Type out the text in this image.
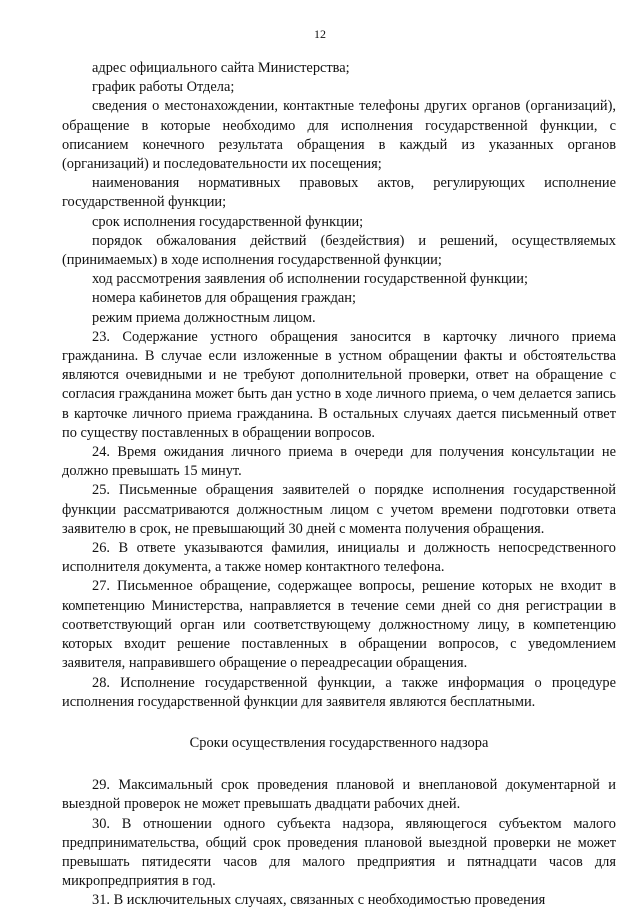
12

адрес официального сайта Министерства;

график работы Отдела;

сведения о местонахождении, контактные телефоны других органов (организаций), обращение в которые необходимо для исполнения государственной функции, с описанием конечного результата обращения в каждый из указанных органов (организаций) и последовательности их посещения;

наименования нормативных правовых актов, регулирующих исполнение государственной функции;

срок исполнения государственной функции;

порядок обжалования действий (бездействия) и решений, осуществляемых (принимаемых) в ходе исполнения государственной функции;

ход рассмотрения заявления об исполнении государственной функции;

номера кабинетов для обращения граждан;

режим приема должностным лицом.

23. Содержание устного обращения заносится в карточку личного приема гражданина. В случае если изложенные в устном обращении факты и обстоятельства являются очевидными и не требуют дополнительной проверки, ответ на обращение с согласия гражданина может быть дан устно в ходе личного приема, о чем делается запись в карточке личного приема гражданина. В остальных случаях дается письменный ответ по существу поставленных в обращении вопросов.

24. Время ожидания личного приема в очереди для получения консультации не должно превышать 15 минут.

25. Письменные обращения заявителей о порядке исполнения государственной функции рассматриваются должностным лицом с учетом времени подготовки ответа заявителю в срок, не превышающий 30 дней с момента получения обращения.

26. В ответе указываются фамилия, инициалы и должность непосредственного исполнителя документа, а также номер контактного телефона.

27. Письменное обращение, содержащее вопросы, решение которых не входит в компетенцию Министерства, направляется в течение семи дней со дня регистрации в соответствующий орган или соответствующему должностному лицу, в компетенцию которых входит решение поставленных в обращении вопросов, с уведомлением заявителя, направившего обращение о переадресации обращения.

28. Исполнение государственной функции, а также информация о процедуре исполнения государственной функции для заявителя являются бесплатными.

Сроки осуществления государственного надзора

29. Максимальный срок проведения плановой и внеплановой документарной и выездной проверок не может превышать двадцати рабочих дней.

30. В отношении одного субъекта надзора, являющегося субъектом малого предпринимательства, общий срок проведения плановой выездной проверки не может превышать пятидесяти часов для малого предприятия и пятнадцати часов для микропредприятия в год.

31. В исключительных случаях, связанных с необходимостью проведения
